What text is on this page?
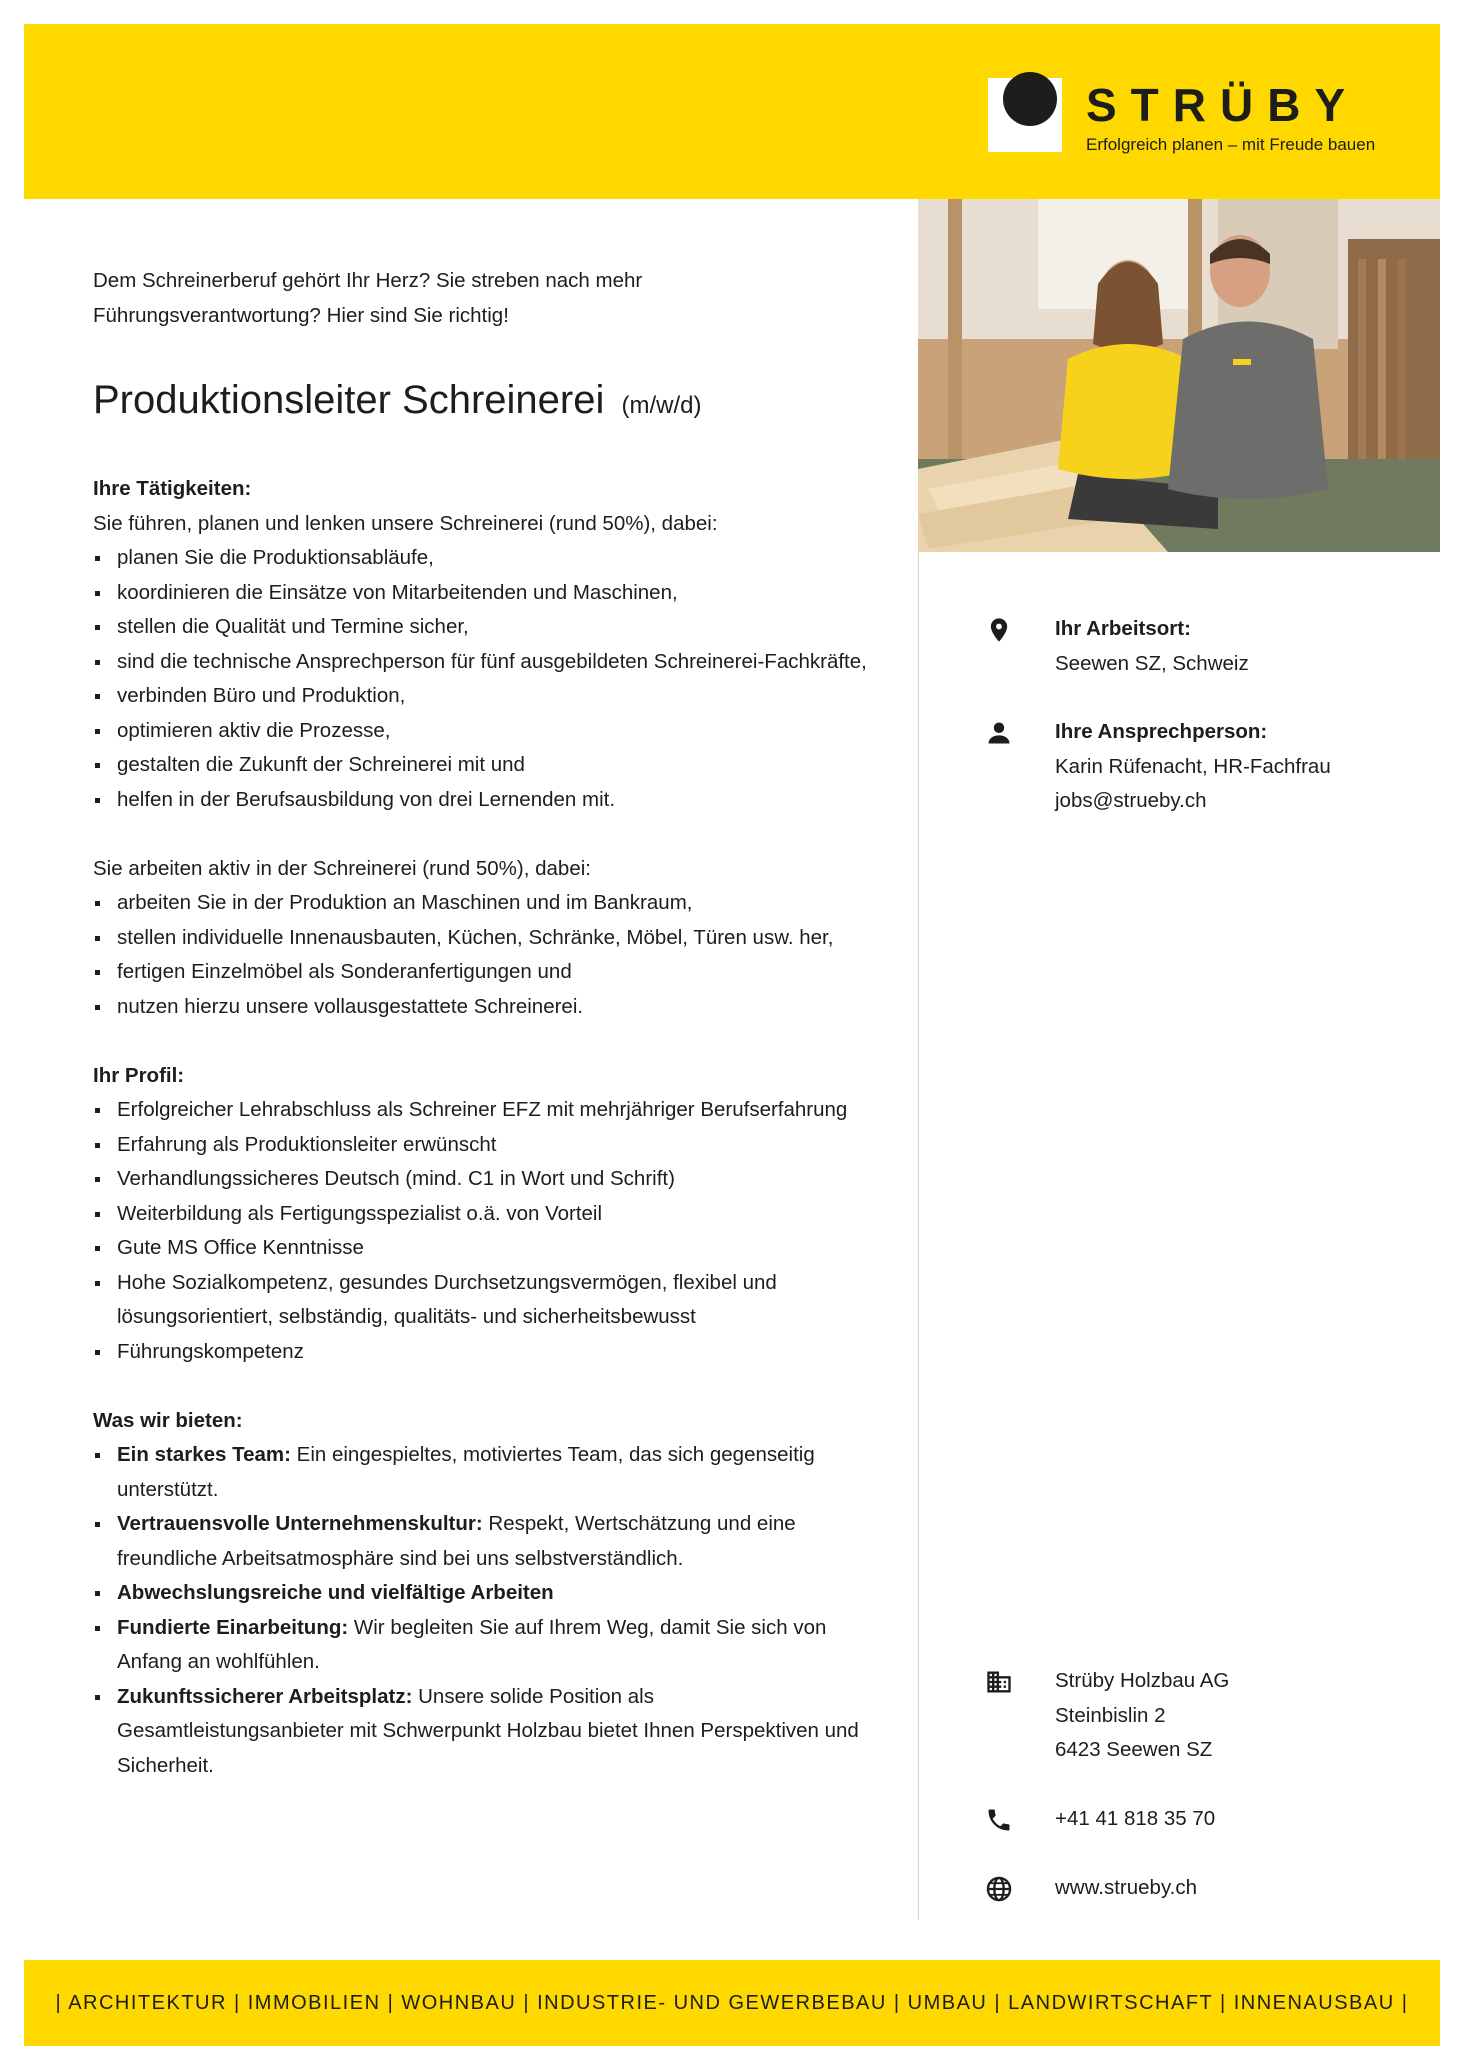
STRÜBY
Erfolgreich planen – mit Freude bauen

Dem Schreinerberuf gehört Ihr Herz? Sie streben nach mehr Führungsverantwortung? Hier sind Sie richtig!

Produktionsleiter Schreinerei (m/w/d)
Ihre Tätigkeiten:
Sie führen, planen und lenken unsere Schreinerei (rund 50%), dabei:
planen Sie die Produktionsabläufe,
koordinieren die Einsätze von Mitarbeitenden und Maschinen,
stellen die Qualität und Termine sicher,
sind die technische Ansprechperson für fünf ausgebildeten Schreinerei-Fachkräfte,
verbinden Büro und Produktion,
optimieren aktiv die Prozesse,
gestalten die Zukunft der Schreinerei mit und
helfen in der Berufsausbildung von drei Lernenden mit.
Sie arbeiten aktiv in der Schreinerei (rund 50%), dabei:
arbeiten Sie in der Produktion an Maschinen und im Bankraum,
stellen individuelle Innenausbauten, Küchen, Schränke, Möbel, Türen usw. her,
fertigen Einzelmöbel als Sonderanfertigungen und
nutzen hierzu unsere vollausgestattete Schreinerei.
Ihr Profil:
Erfolgreicher Lehrabschluss als Schreiner EFZ mit mehrjähriger Berufserfahrung
Erfahrung als Produktionsleiter erwünscht
Verhandlungssicheres Deutsch (mind. C1 in Wort und Schrift)
Weiterbildung als Fertigungsspezialist o.ä. von Vorteil
Gute MS Office Kenntnisse
Hohe Sozialkompetenz, gesundes Durchsetzungsvermögen, flexibel und lösungsorientiert, selbständig, qualitäts- und sicherheitsbewusst
Führungskompetenz
Was wir bieten:
Ein starkes Team: Ein eingespieltes, motiviertes Team, das sich gegenseitig unterstützt.
Vertrauensvolle Unternehmenskultur: Respekt, Wertschätzung und eine freundliche Arbeitsatmosphäre sind bei uns selbstverständlich.
Abwechslungsreiche und vielfältige Arbeiten
Fundierte Einarbeitung: Wir begleiten Sie auf Ihrem Weg, damit Sie sich von Anfang an wohlfühlen.
Zukunftssicherer Arbeitsplatz: Unsere solide Position als Gesamtleistungsanbieter mit Schwerpunkt Holzbau bietet Ihnen Perspektiven und Sicherheit.
Ihr Arbeitsort:
Seewen SZ, Schweiz
Ihre Ansprechperson:
Karin Rüfenacht, HR-Fachfrau
jobs@strueby.ch
Strüby Holzbau AG
Steinbislin 2
6423 Seewen SZ
+41 41 818 35 70
www.strueby.ch
| ARCHITEKTUR | IMMOBILIEN | WOHNBAU | INDUSTRIE- UND GEWERBEBAU | UMBAU | LANDWIRTSCHAFT | INNENAUSBAU |
